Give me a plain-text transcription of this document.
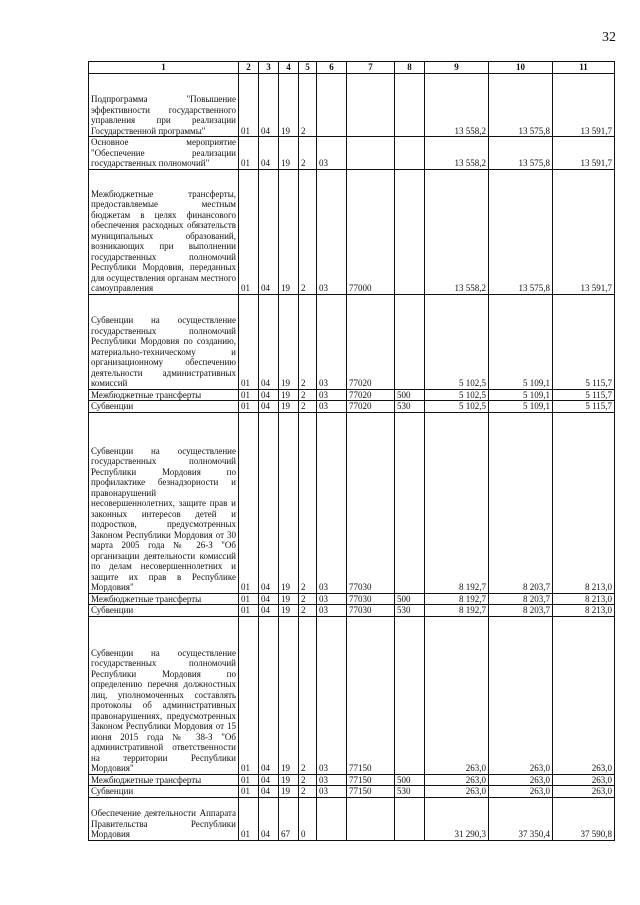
32
1	2	3	4	5	6	7	8	9	10	11
Подпрограмма "Повышение эффективности государственного управления при реализации Государственной программы"	01	04	19	2				13 558,2	13 575,8	13 591,7
Основное мероприятие "Обеспечение реализации государственных полномочий"	01	04	19	2	03			13 558,2	13 575,8	13 591,7
Межбюджетные трансферты, предоставляемые местным бюджетам в целях финансового обеспечения расходных обязательств муниципальных образований, возникающих при выполнении государственных полномочий Республики Мордовия, переданных для осуществления органам местного самоуправления	01	04	19	2	03	77000		13 558,2	13 575,8	13 591,7
Субвенции на осуществление государственных полномочий Республики Мордовия по созданию, материально-техническому и организационному обеспечению деятельности административных комиссий	01	04	19	2	03	77020		5 102,5	5 109,1	5 115,7
Межбюджетные трансферты	01	04	19	2	03	77020	500	5 102,5	5 109,1	5 115,7
Субвенции	01	04	19	2	03	77020	530	5 102,5	5 109,1	5 115,7
Субвенции на осуществление государственных полномочий Республики Мордовия по профилактике безнадзорности и правонарушений несовершеннолетних, защите прав и законных интересов детей и подростков, предусмотренных Законом Республики Мордовия от 30 марта 2005 года № 26-З "Об организации деятельности комиссий по делам несовершеннолетних и защите их прав в Республике Мордовия"	01	04	19	2	03	77030		8 192,7	8 203,7	8 213,0
Межбюджетные трансферты	01	04	19	2	03	77030	500	8 192,7	8 203,7	8 213,0
Субвенции	01	04	19	2	03	77030	530	8 192,7	8 203,7	8 213,0
Субвенции на осуществление государственных полномочий Республики Мордовия по определению перечня должностных лиц, уполномоченных составлять протоколы об административных правонарушениях, предусмотренных Законом Республики Мордовия от 15 июня 2015 года № 38-З "Об административной ответственности на территории Республики Мордовия"	01	04	19	2	03	77150		263,0	263,0	263,0
Межбюджетные трансферты	01	04	19	2	03	77150	500	263,0	263,0	263,0
Субвенции	01	04	19	2	03	77150	530	263,0	263,0	263,0
Обеспечение деятельности Аппарата Правительства Республики Мордовия	01	04	67	0				31 290,3	37 350,4	37 590,8
